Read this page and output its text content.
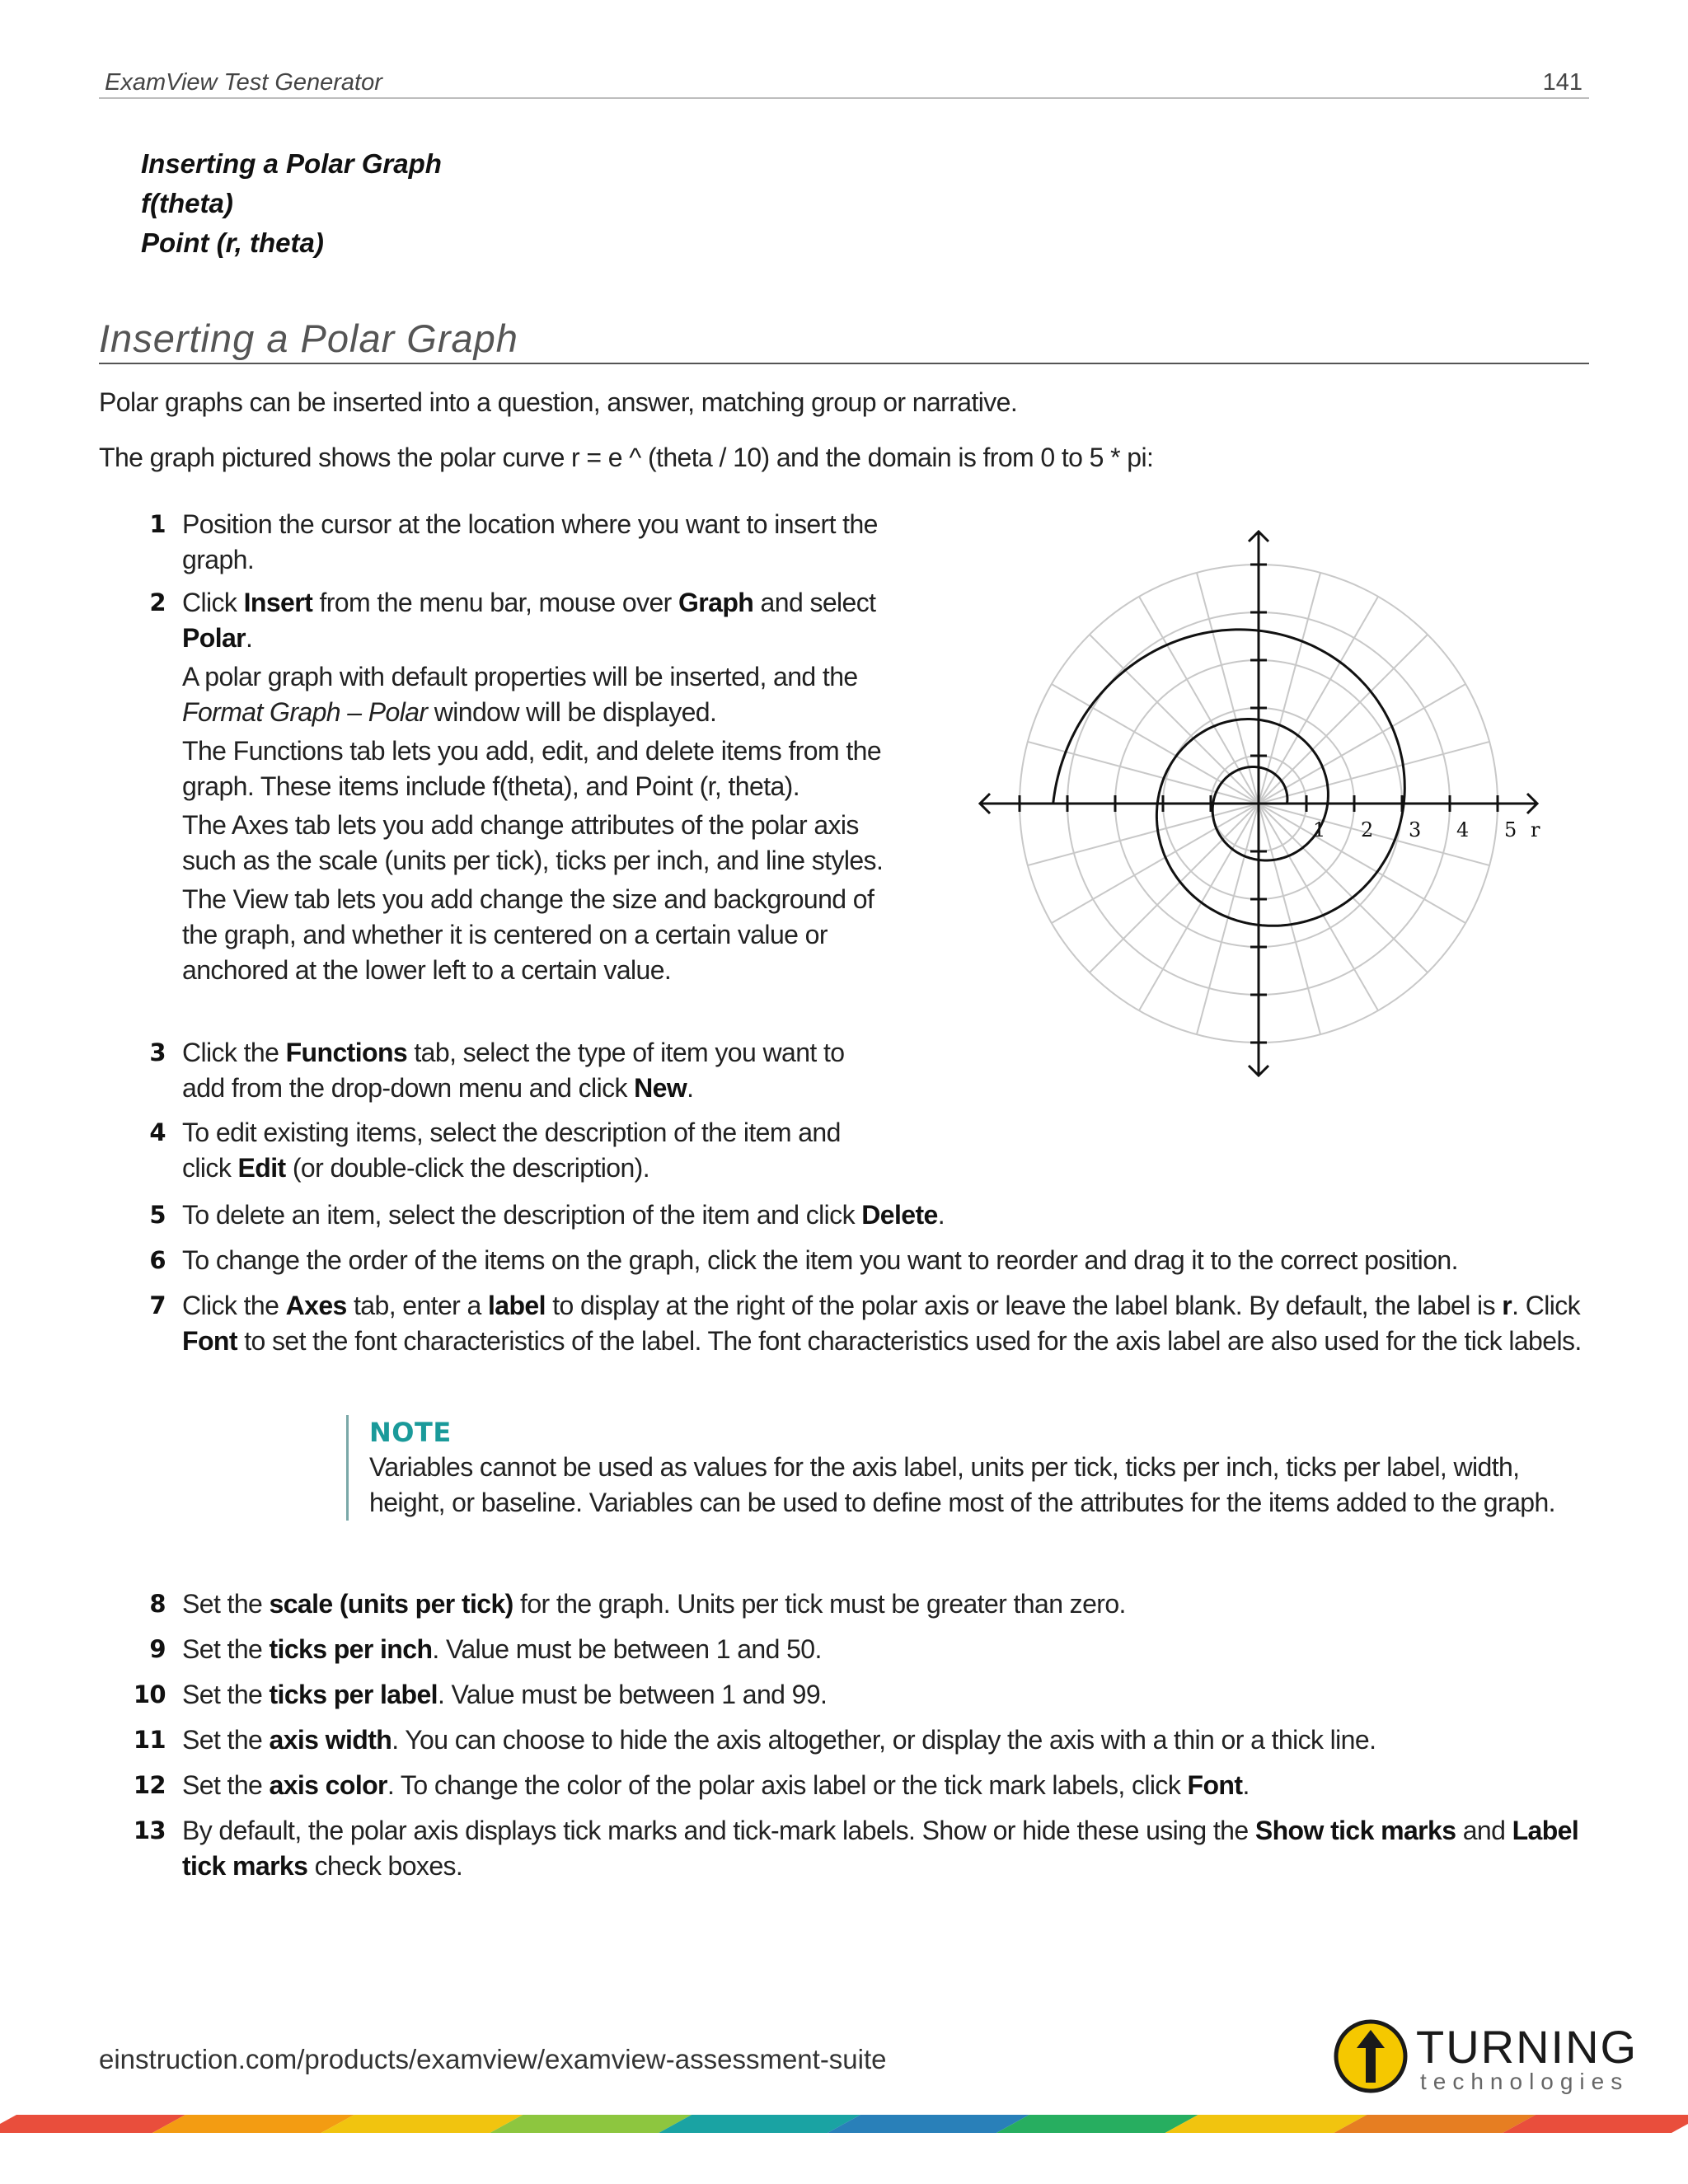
ExamView Test Generator	141
Inserting a Polar Graph
f(theta)
Point (r, theta)
Inserting a Polar Graph
Polar graphs can be inserted into a question, answer, matching group or narrative.
The graph pictured shows the polar curve r = e ^ (theta / 10) and the domain is from 0 to 5 * pi:
1 Position the cursor at the location where you want to insert the graph.
2 Click Insert from the menu bar, mouse over Graph and select Polar.
A polar graph with default properties will be inserted, and the Format Graph – Polar window will be displayed.
The Functions tab lets you add, edit, and delete items from the graph. These items include f(theta), and Point (r, theta).
The Axes tab lets you add change attributes of the polar axis such as the scale (units per tick), ticks per inch, and line styles.
The View tab lets you add change the size and background of the graph, and whether it is centered on a certain value or anchored at the lower left to a certain value.
3 Click the Functions tab, select the type of item you want to add from the drop-down menu and click New.
4 To edit existing items, select the description of the item and click Edit (or double-click the description).
5 To delete an item, select the description of the item and click Delete.
6 To change the order of the items on the graph, click the item you want to reorder and drag it to the correct position.
7 Click the Axes tab, enter a label to display at the right of the polar axis or leave the label blank. By default, the label is r. Click Font to set the font characteristics of the label. The font characteristics used for the axis label are also used for the tick labels.
NOTE
Variables cannot be used as values for the axis label, units per tick, ticks per inch, ticks per label, width, height, or baseline. Variables can be used to define most of the attributes for the items added to the graph.
8 Set the scale (units per tick) for the graph. Units per tick must be greater than zero.
9 Set the ticks per inch. Value must be between 1 and 50.
10 Set the ticks per label. Value must be between 1 and 99.
11 Set the axis width. You can choose to hide the axis altogether, or display the axis with a thin or a thick line.
12 Set the axis color. To change the color of the polar axis label or the tick mark labels, click Font.
13 By default, the polar axis displays tick marks and tick-mark labels. Show or hide these using the Show tick marks and Label tick marks check boxes.
1 2 3 4 5 r
einstruction.com/products/examview/examview-assessment-suite	TURNING
technologies
